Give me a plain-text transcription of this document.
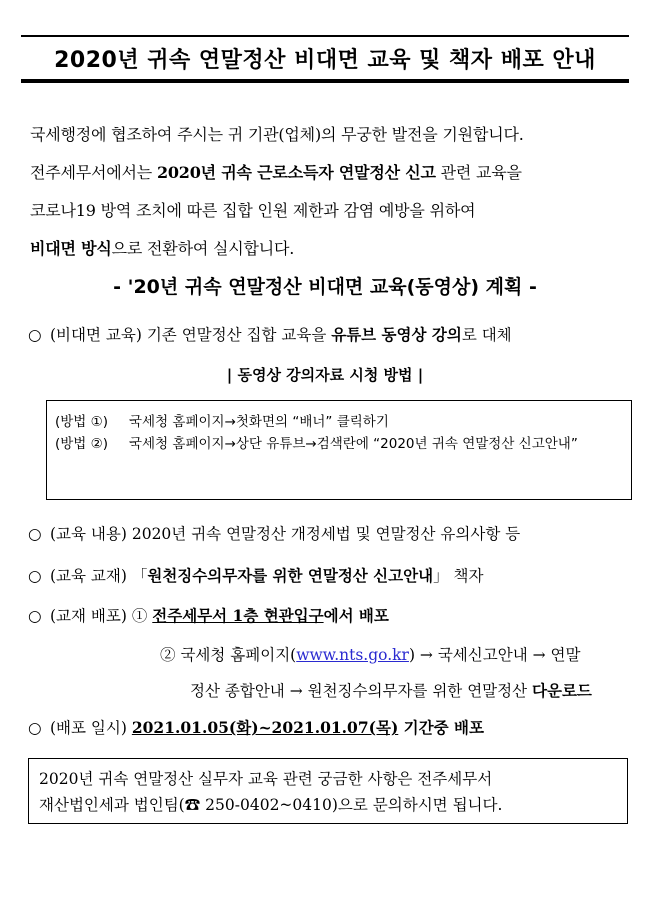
2020년 귀속 연말정산 비대면 교육 및 책자 배포 안내
국세행정에 협조하여 주시는 귀 기관(업체)의 무궁한 발전을 기원합니다.
전주세무서에서는 2020년 귀속 근로소득자 연말정산 신고 관련 교육을
코로나19 방역 조치에 따른 집합 인원 제한과 감염 예방을 위하여
비대면 방식으로 전환하여 실시합니다.
- '20년 귀속 연말정산 비대면 교육(동영상) 계획 -
○ (비대면 교육) 기존 연말정산 집합 교육을 유튜브 동영상 강의로 대체
| 동영상 강의자료 시청 방법 |
(방법 ①)	국세청 홈페이지→첫화면의 “배너” 클릭하기
(방법 ②)	국세청 홈페이지→상단 유튜브→검색란에 “2020년 귀속 연말정산 신고안내”
○ (교육 내용) 2020년 귀속 연말정산 개정세법 및 연말정산 유의사항 등
○ (교육 교재) 「원천징수의무자를 위한 연말정산 신고안내」 책자
○ (교재 배포) ① 전주세무서 1층 현관입구에서 배포
② 국세청 홈페이지(www.nts.go.kr) → 국세신고안내 → 연말
정산 종합안내 → 원천징수의무자를 위한 연말정산 다운로드
○ (배포 일시) 2021.01.05(화)~2021.01.07(목) 기간중 배포
2020년 귀속 연말정산 실무자 교육 관련 궁금한 사항은 전주세무서
재산법인세과 법인팀(☎ 250-0402~0410)으로 문의하시면 됩니다.
